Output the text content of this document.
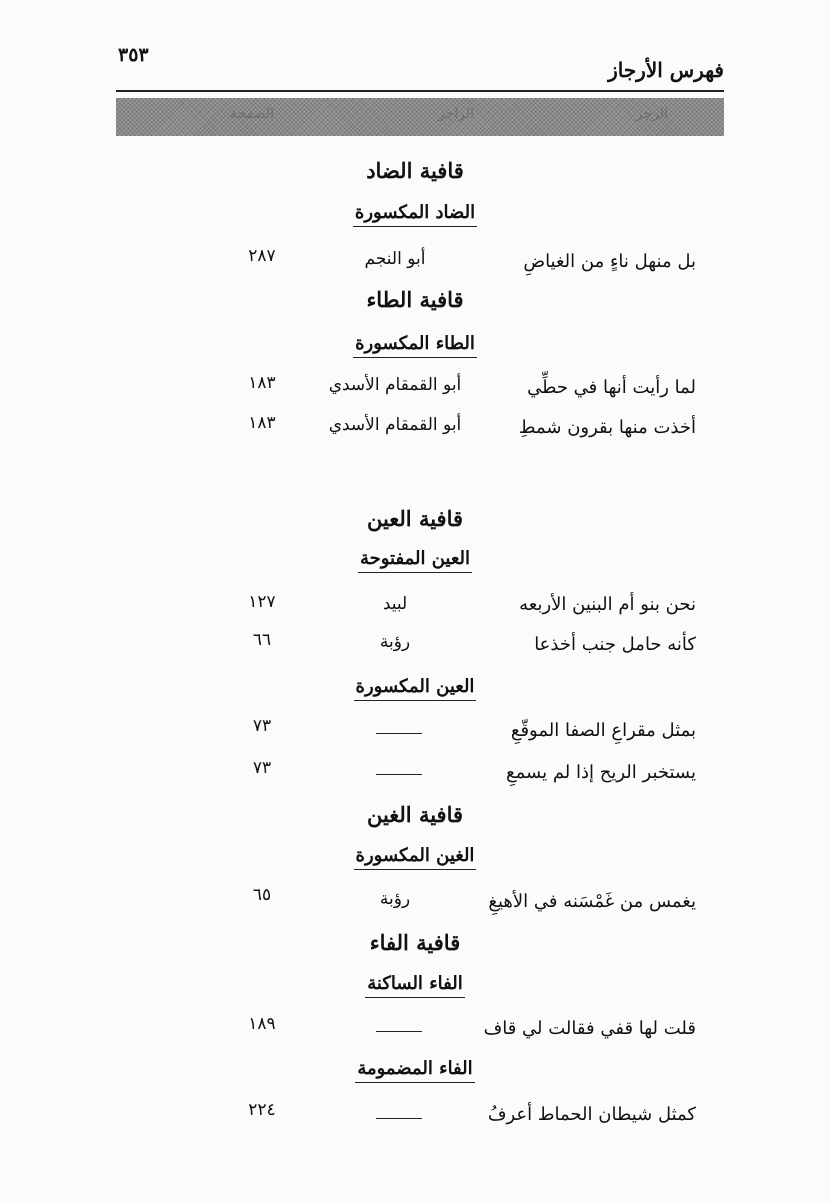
٣٥٣
فهرس الأرجاز
الرجز
الراجز
الصفحة
قافية الضاد
الضاد المكسورة
بل منهل ناءٍ من الغياضِ
أبو النجم
٢٨٧
قافية الطاء
الطاء المكسورة
لما رأيت أنها في حطِّي
أبو القمقام الأسدي
١٨٣
أخذت منها بقرون شمطِ
أبو القمقام الأسدي
١٨٣
قافية العين
العين المفتوحة
نحن بنو أم البنين الأربعه
لبيد
١٢٧
كأنه حامل جنب أخذعا
رؤبة
٦٦
العين المكسورة
بمثل مقراعِ الصفا الموقّعِ
٧٣
يستخبر الريح إذا لم يسمعِ
٧٣
قافية الغين
الغين المكسورة
يغمس من غَمْسَنه في الأهيغِ
رؤبة
٦٥
قافية الفاء
الفاء الساكنة
قلت لها قفي فقالت لي قاف
١٨٩
الفاء المضمومة
كمثل شيطان الحماط أعرفُ
٢٢٤
